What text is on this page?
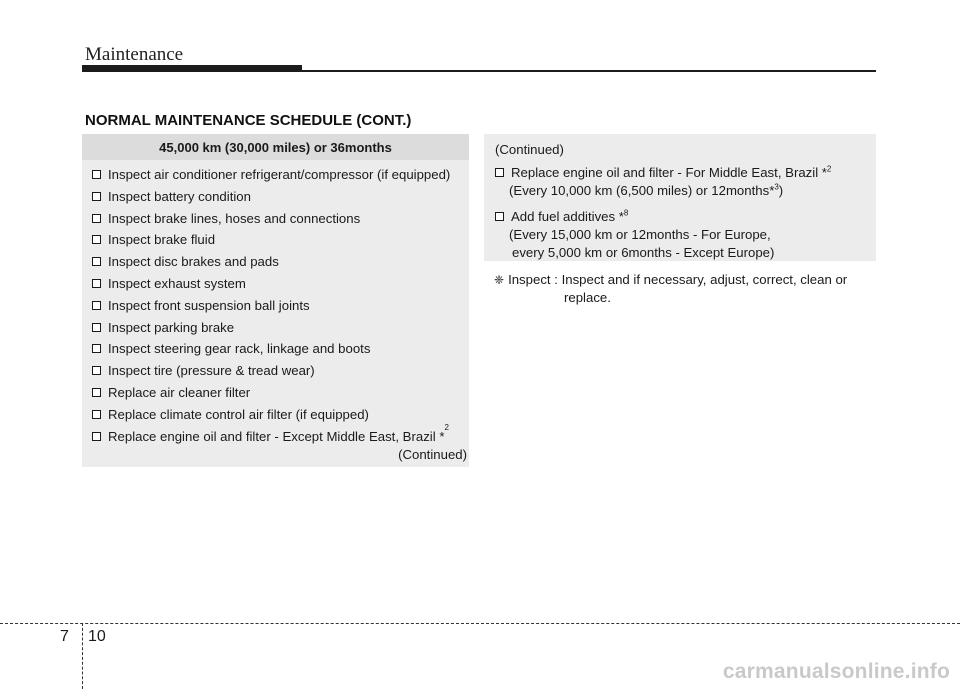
Maintenance
NORMAL MAINTENANCE SCHEDULE (CONT.)
45,000 km (30,000 miles) or 36months
Inspect air conditioner refrigerant/compressor (if equipped)
Inspect battery condition
Inspect brake lines, hoses and connections
Inspect brake fluid
Inspect disc brakes and pads
Inspect exhaust system
Inspect front suspension ball joints
Inspect parking brake
Inspect steering gear rack, linkage and boots
Inspect tire (pressure & tread wear)
Replace air cleaner filter
Replace climate control air filter (if equipped)
Replace engine oil and filter - Except Middle East, Brazil *
2
(Continued)
(Continued)
Replace engine oil and filter - For Middle East, Brazil *$^2$
(Every 10,000 km (6,500 miles) or 12months*$^3$)
Add fuel additives *$^8$
(Every 15,000 km or 12months - For Europe,
every 5,000 km or 6months - Except Europe)
❈ Inspect : Inspect and if necessary, adjust, correct, clean or
replace.
7 10
carmanualsonline.info
